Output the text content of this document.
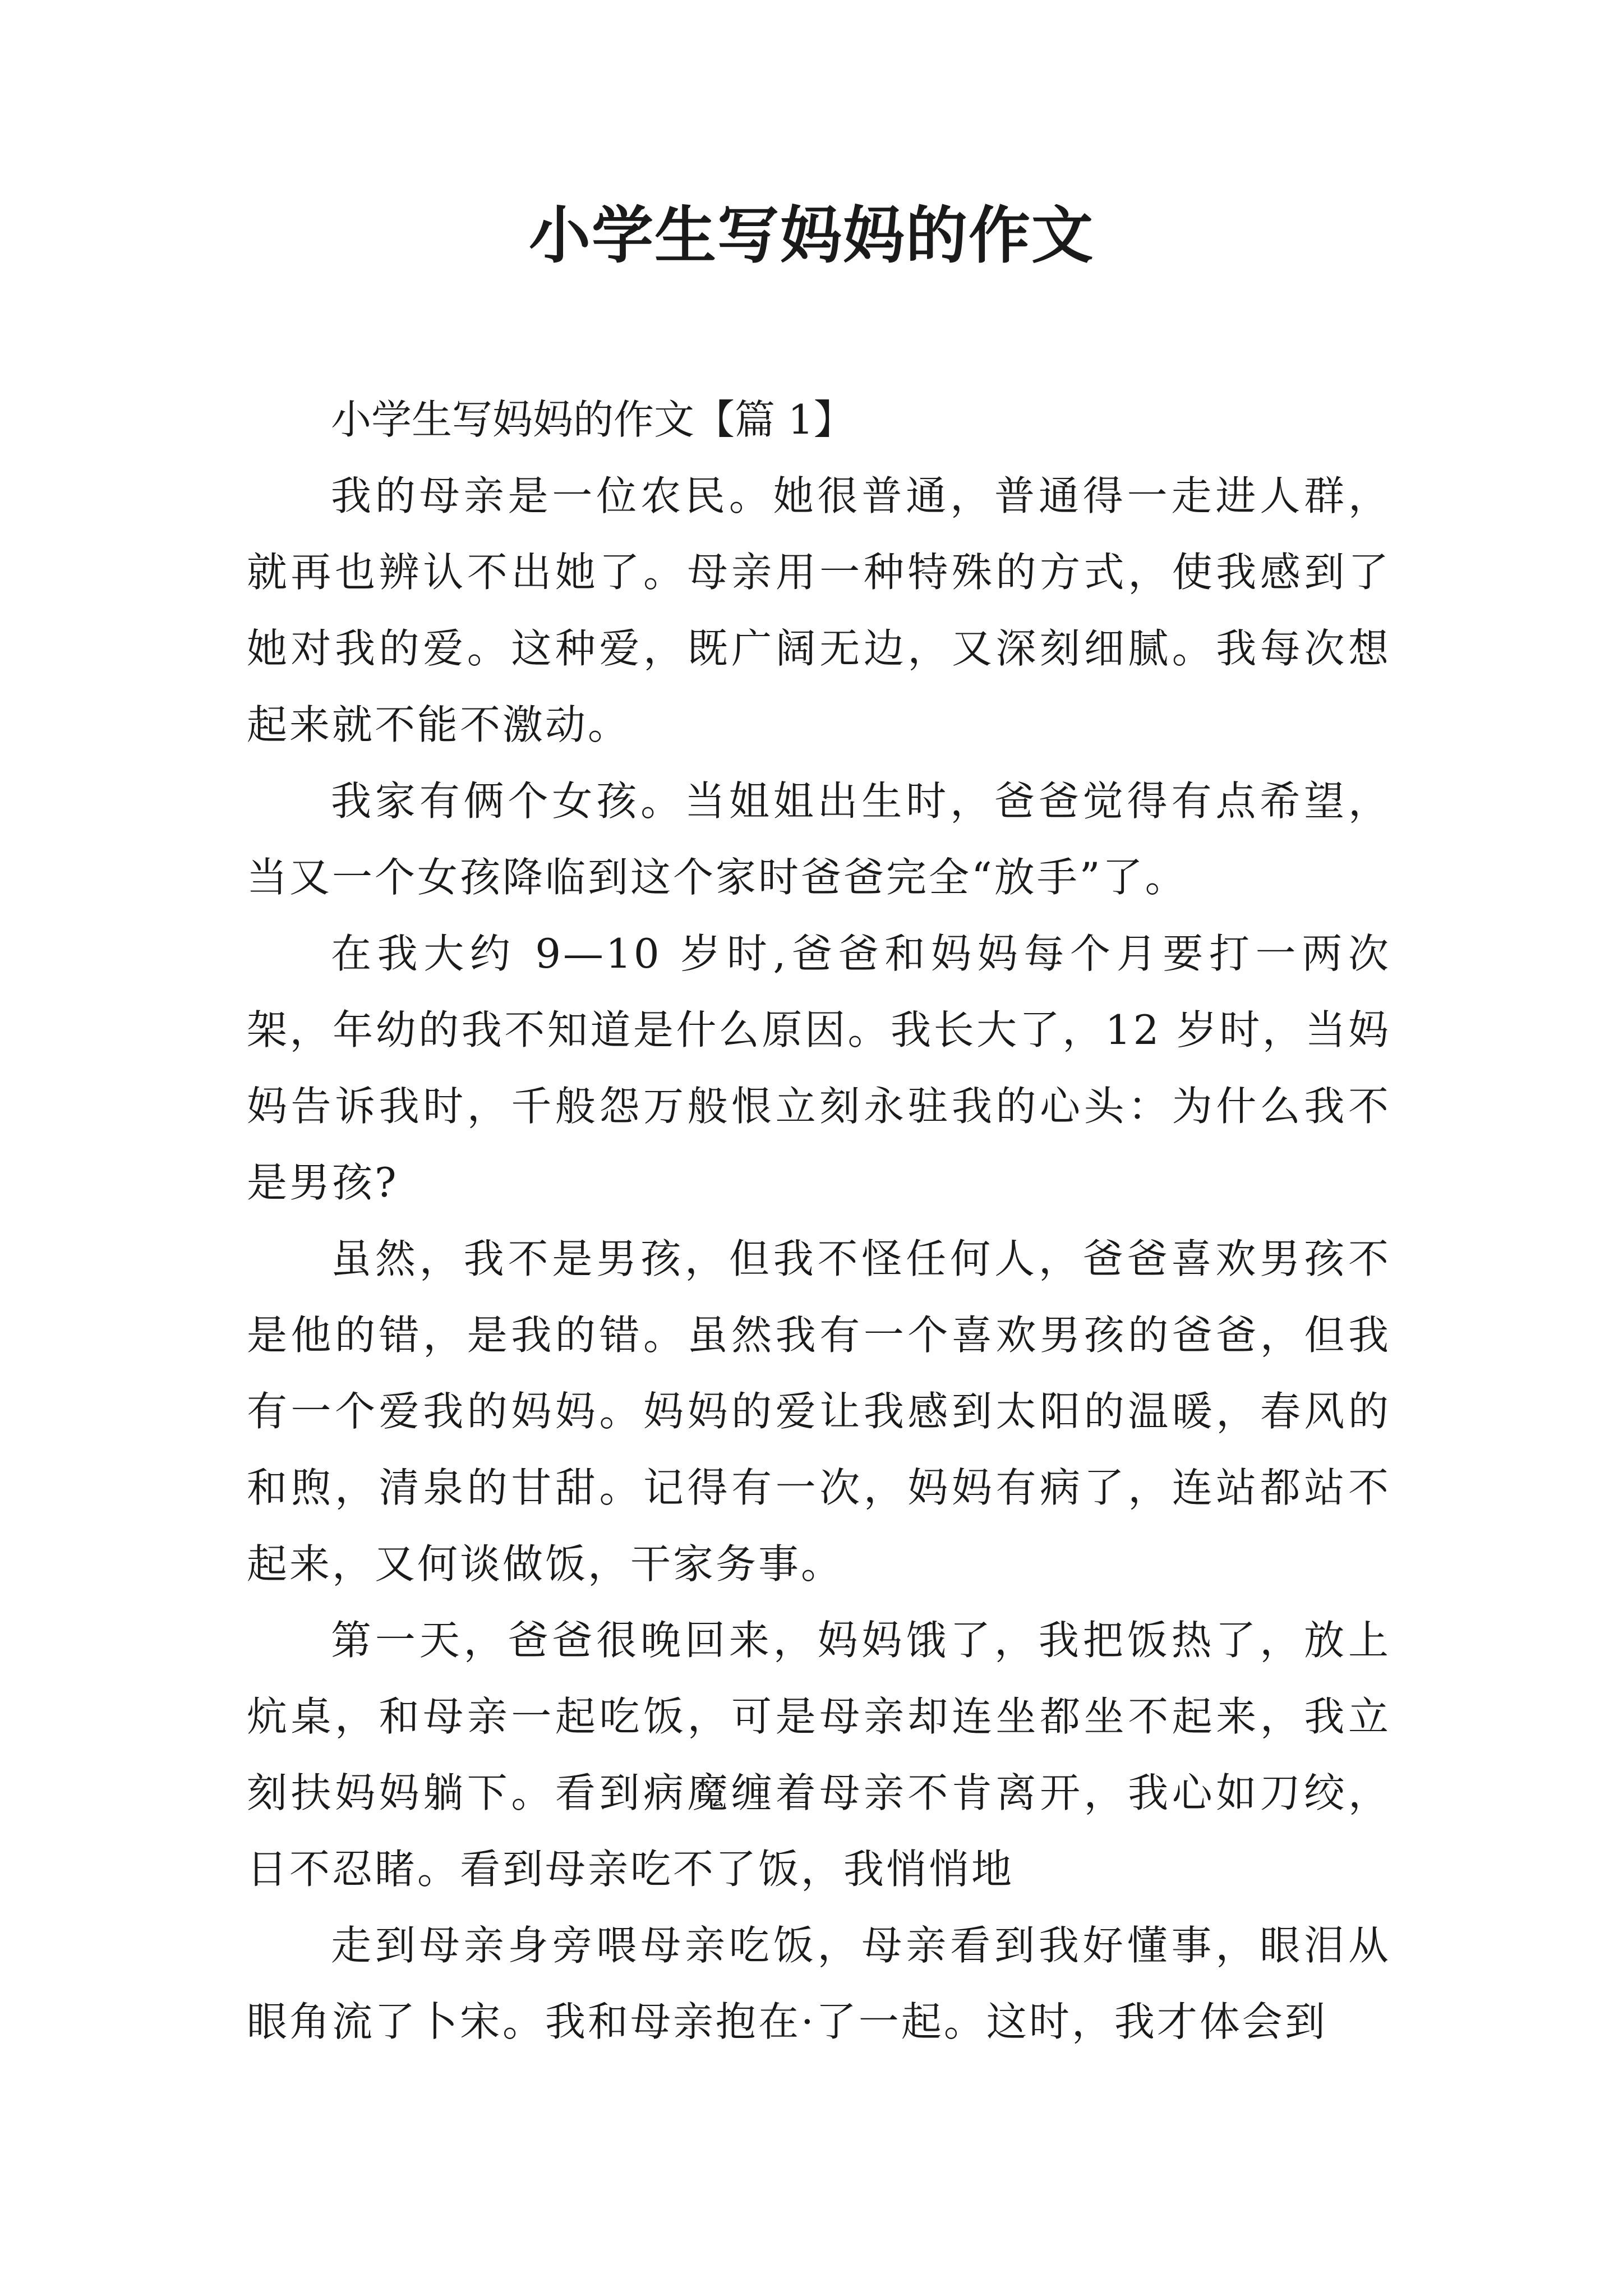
小学生写妈妈的作文

小学生写妈妈的作文【篇 1】

我的母亲是一位农民。她很普通，普通得一走进人群，就再也辨认不出她了。母亲用一种特殊的方式，使我感到了她对我的爱。这种爱，既广阔无边，又深刻细腻。我每次想起来就不能不激动。

我家有俩个女孩。当姐姐出生时，爸爸觉得有点希望，当又一个女孩降临到这个家时爸爸完全“放手”了。

在我大约 9—10 岁时,爸爸和妈妈每个月要打一两次架，年幼的我不知道是什么原因。我长大了，12 岁时，当妈妈告诉我时，千般怨万般恨立刻永驻我的心头：为什么我不是男孩?

虽然，我不是男孩，但我不怪任何人，爸爸喜欢男孩不是他的错，是我的错。虽然我有一个喜欢男孩的爸爸，但我有一个爱我的妈妈。妈妈的爱让我感到太阳的温暖，春风的和煦，清泉的甘甜。记得有一次，妈妈有病了，连站都站不起来，又何谈做饭，干家务事。

第一天，爸爸很晚回来，妈妈饿了，我把饭热了，放上炕桌，和母亲一起吃饭，可是母亲却连坐都坐不起来，我立刻扶妈妈躺下。看到病魔缠着母亲不肯离开，我心如刀绞，日不忍睹。看到母亲吃不了饭，我悄悄地

走到母亲身旁喂母亲吃饭，母亲看到我好懂事，眼泪从眼角流了卜宋。我和母亲抱在·了一起。这时，我才体会到
